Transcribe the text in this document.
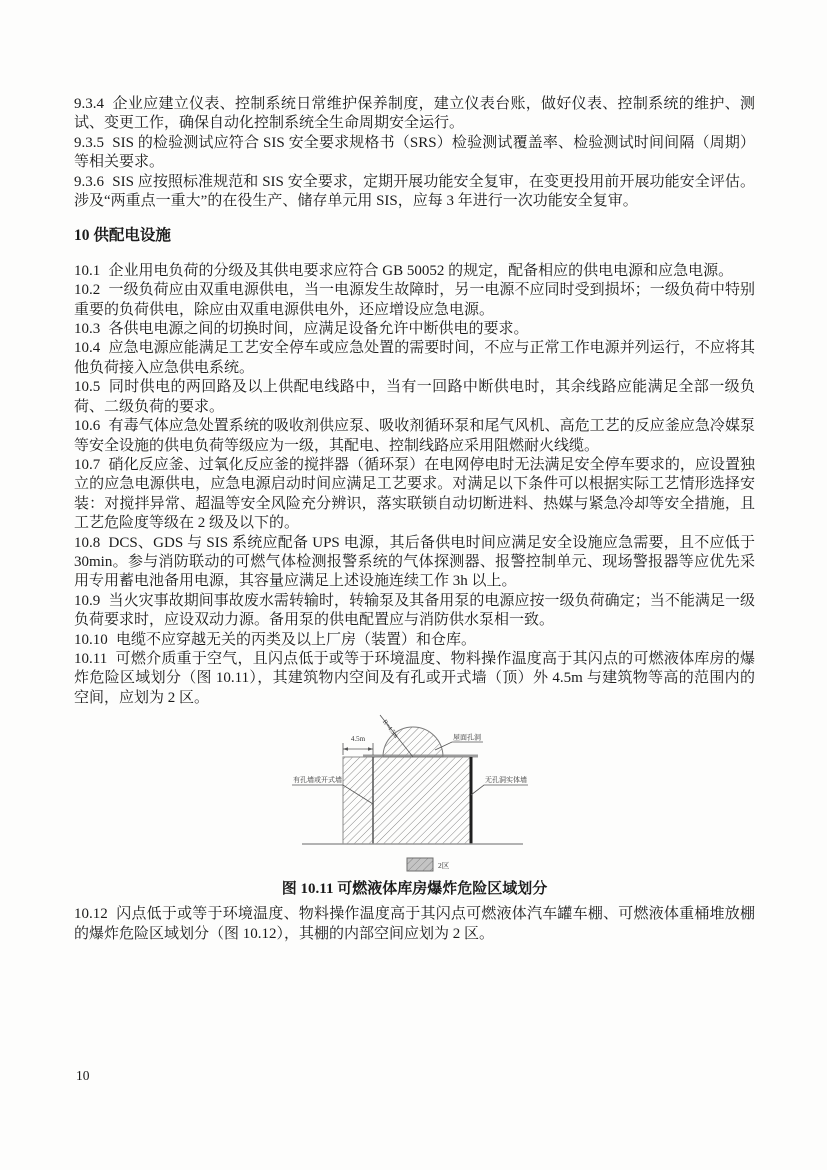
9.3.4 企业应建立仪表、控制系统日常维护保养制度，建立仪表台账，做好仪表、控制系统的维护、测试、变更工作，确保自动化控制系统全生命周期安全运行。

9.3.5 SIS 的检验测试应符合 SIS 安全要求规格书（SRS）检验测试覆盖率、检验测试时间间隔（周期）等相关要求。

9.3.6 SIS 应按照标准规范和 SIS 安全要求，定期开展功能安全复审，在变更投用前开展功能安全评估。涉及“两重点一重大”的在役生产、储存单元用 SIS，应每 3 年进行一次功能安全复审。

10 供配电设施

10.1 企业用电负荷的分级及其供电要求应符合 GB 50052 的规定，配备相应的供电电源和应急电源。

10.2 一级负荷应由双重电源供电，当一电源发生故障时，另一电源不应同时受到损坏；一级负荷中特别重要的负荷供电，除应由双重电源供电外，还应增设应急电源。

10.3 各供电电源之间的切换时间，应满足设备允许中断供电的要求。

10.4 应急电源应能满足工艺安全停车或应急处置的需要时间，不应与正常工作电源并列运行，不应将其他负荷接入应急供电系统。

10.5 同时供电的两回路及以上供配电线路中，当有一回路中断供电时，其余线路应能满足全部一级负荷、二级负荷的要求。

10.6 有毒气体应急处置系统的吸收剂供应泵、吸收剂循环泵和尾气风机、高危工艺的反应釜应急冷媒泵等安全设施的供电负荷等级应为一级，其配电、控制线路应采用阻燃耐火线缆。

10.7 硝化反应釜、过氧化反应釜的搅拌器（循环泵）在电网停电时无法满足安全停车要求的，应设置独立的应急电源供电，应急电源启动时间应满足工艺要求。对满足以下条件可以根据实际工艺情形选择安装：对搅拌异常、超温等安全风险充分辨识，落实联锁自动切断进料、热媒与紧急冷却等安全措施，且工艺危险度等级在 2 级及以下的。

10.8 DCS、GDS 与 SIS 系统应配备 UPS 电源，其后备供电时间应满足安全设施应急需要，且不应低于 30min。参与消防联动的可燃气体检测报警系统的气体探测器、报警控制单元、现场警报器等应优先采用专用蓄电池备用电源，其容量应满足上述设施连续工作 3h 以上。

10.9 当火灾事故期间事故废水需转输时，转输泵及其备用泵的电源应按一级负荷确定；当不能满足一级负荷要求时，应设双动力源。备用泵的供电配置应与消防供水泵相一致。

10.10 电缆不应穿越无关的丙类及以上厂房（装置）和仓库。

10.11 可燃介质重于空气，且闪点低于或等于环境温度、物料操作温度高于其闪点的可燃液体库房的爆炸危险区域划分（图 10.11），其建筑物内空间及有孔或开式墙（顶）外 4.5m 与建筑物等高的范围内的空间，应划为 2 区。

4.5m R=4.5m	屋面孔洞
有孔墙或开式墙	无孔洞实体墙
2区

图 10.11 可燃液体库房爆炸危险区域划分

10.12 闪点低于或等于环境温度、物料操作温度高于其闪点可燃液体汽车罐车棚、可燃液体重桶堆放棚的爆炸危险区域划分（图 10.12），其棚的内部空间应划为 2 区。

10
